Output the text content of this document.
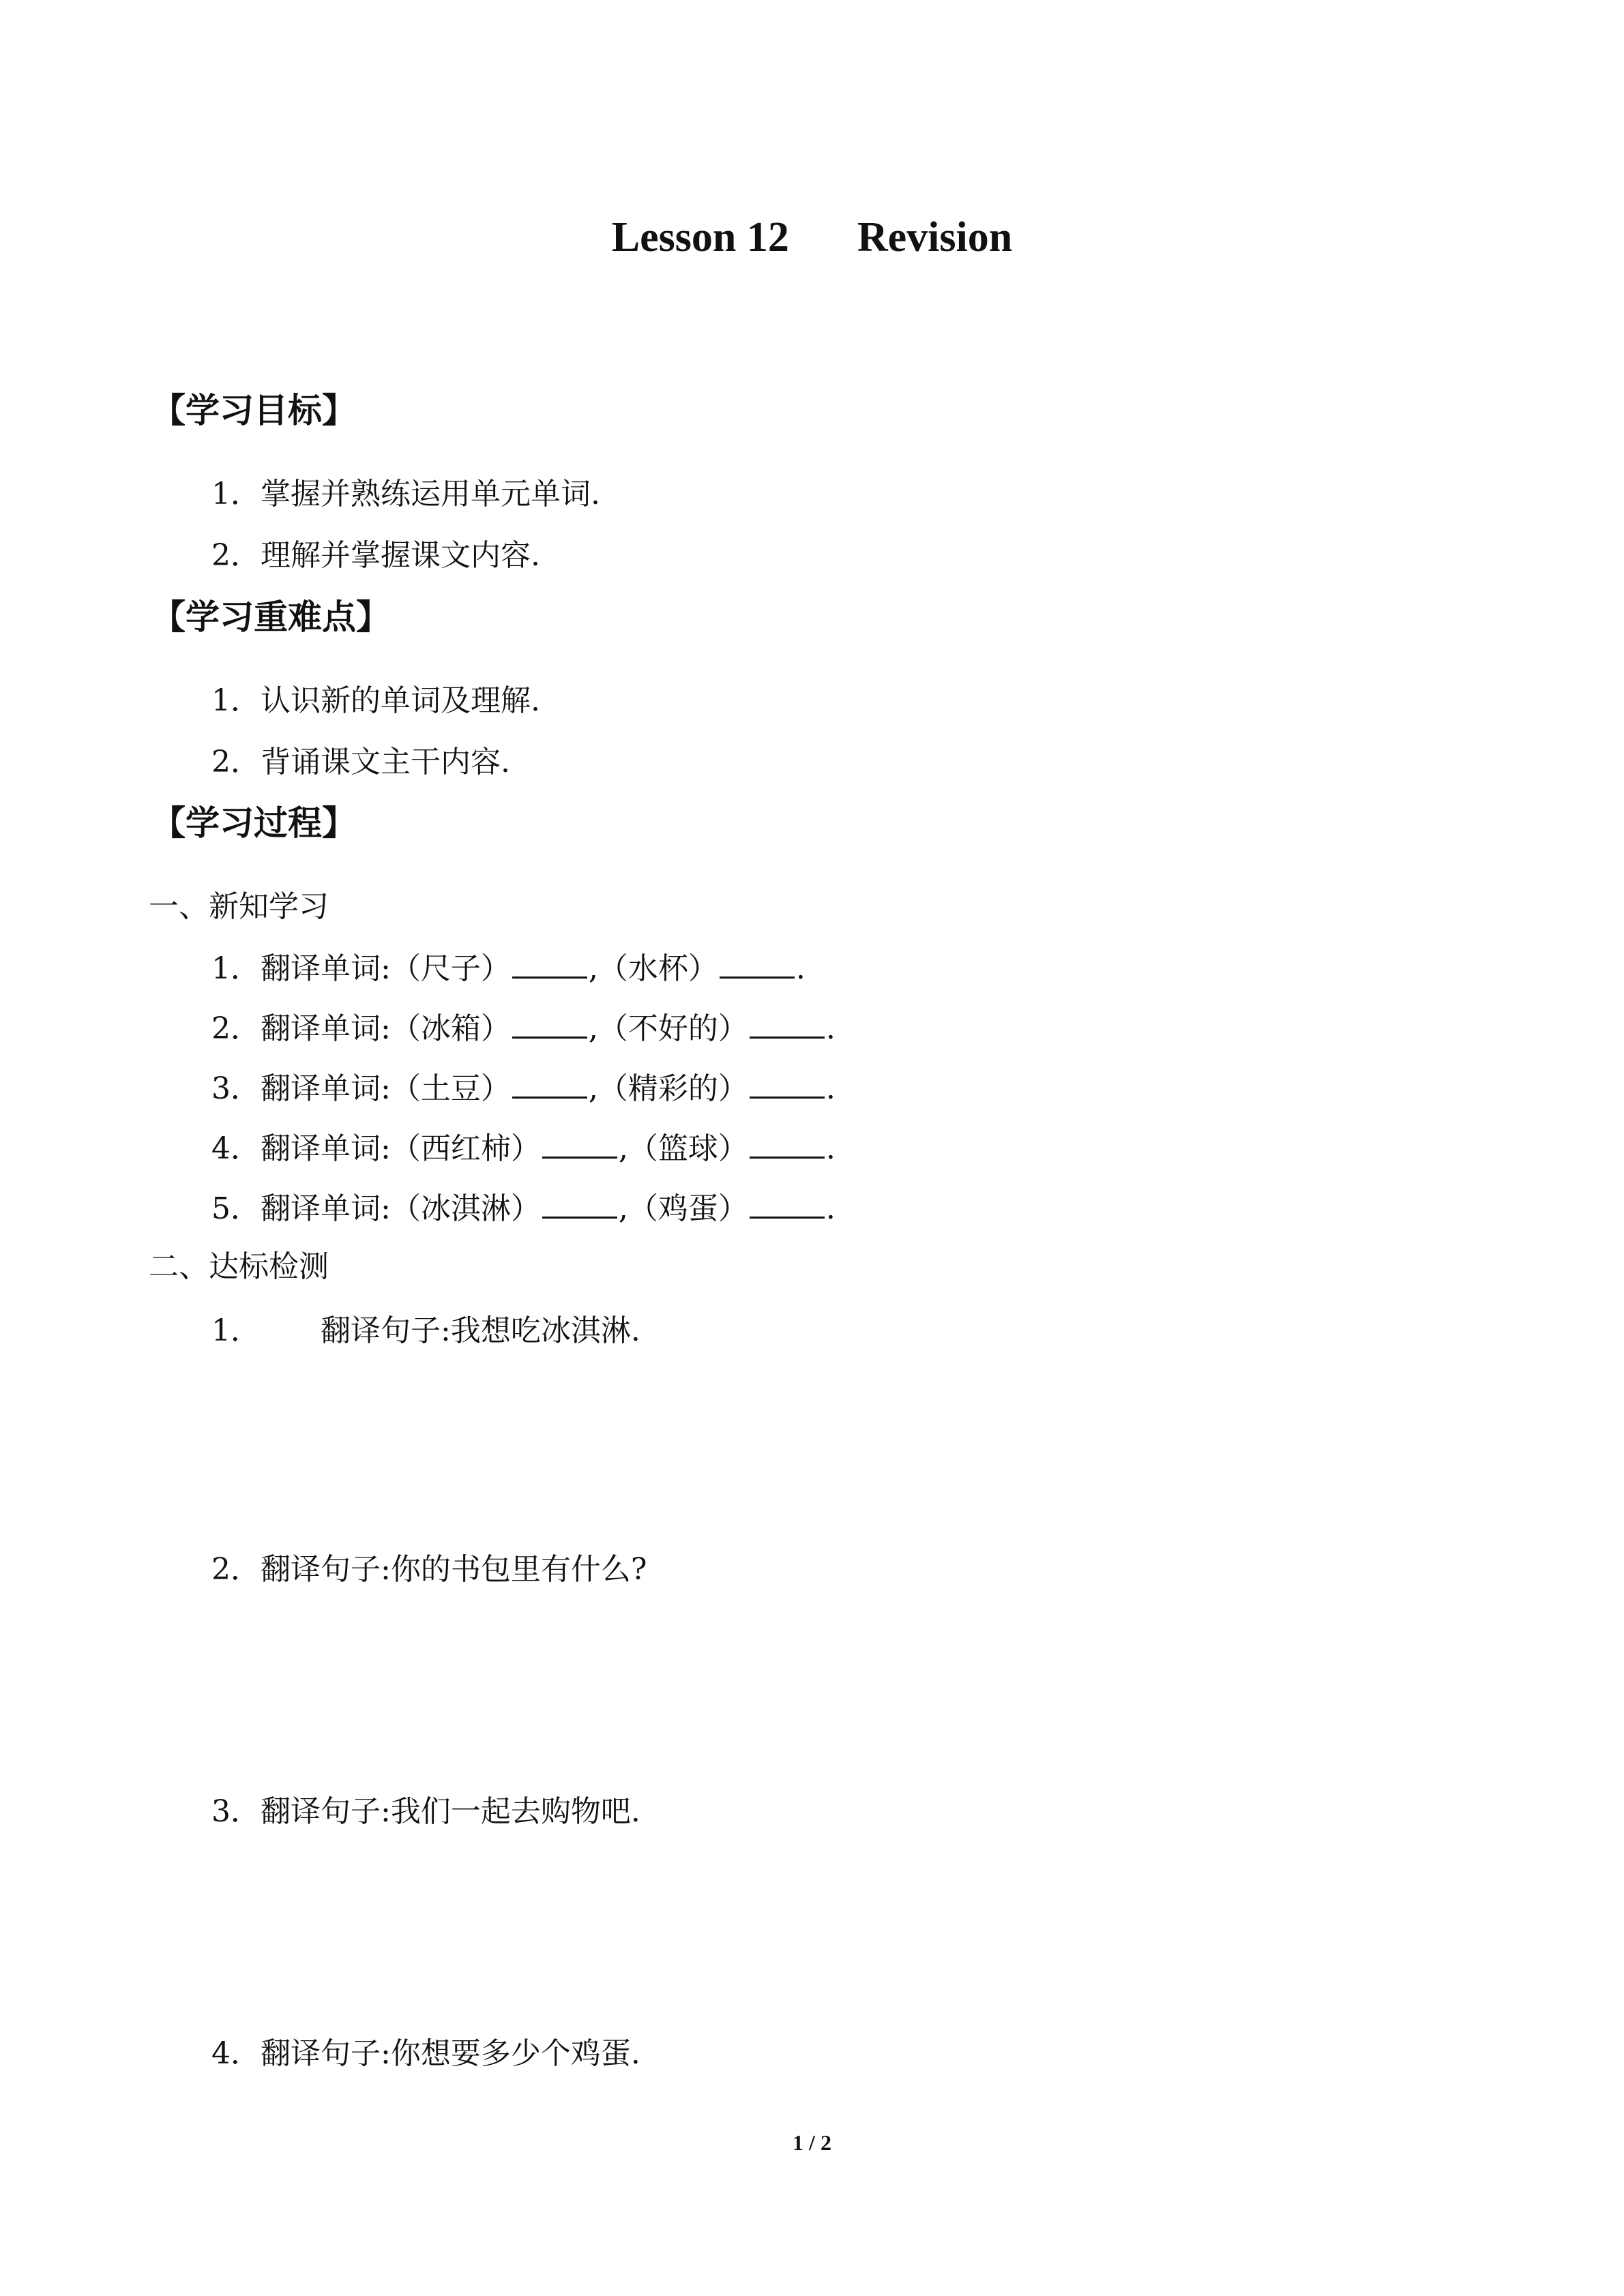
Lesson 12 Revision
【学习目标】
1．掌握并熟练运用单元单词.
2．理解并掌握课文内容.
【学习重难点】
1．认识新的单词及理解.
2．背诵课文主干内容.
【学习过程】
一、新知学习
1．翻译单词:（尺子）	,（水杯）	.
2．翻译单词:（冰箱）	,（不好的）	.
3．翻译单词:（土豆）	,（精彩的）	.
4．翻译单词:（西红柿）	,（篮球）	.
5．翻译单词:（冰淇淋）	,（鸡蛋）	.
二、达标检测
1． 翻译句子:我想吃冰淇淋.
2．翻译句子:你的书包里有什么?
3．翻译句子:我们一起去购物吧.
4．翻译句子:你想要多少个鸡蛋.
1 / 2
